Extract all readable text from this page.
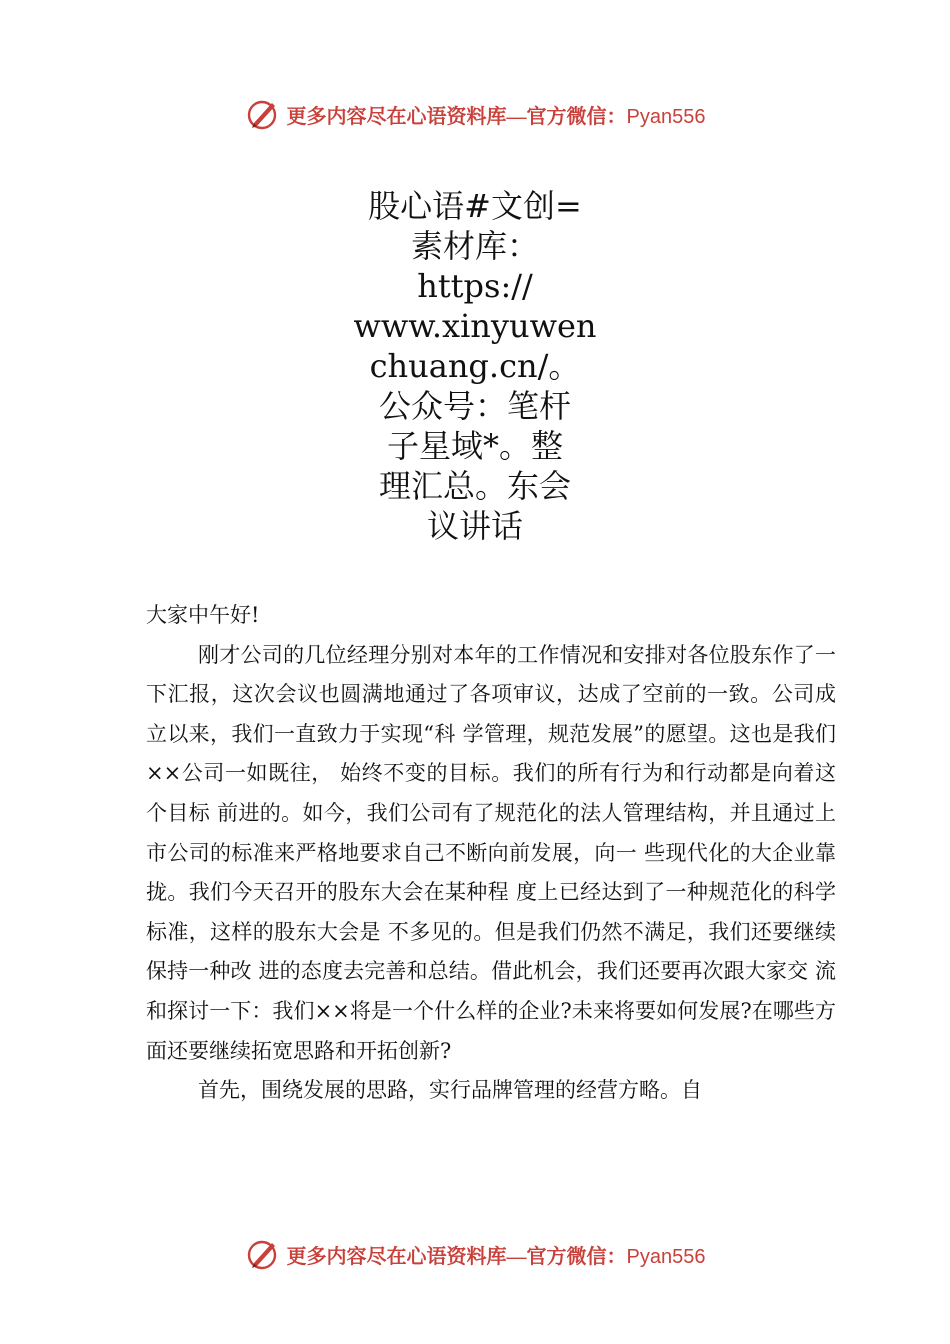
更多内容尽在心语资料库—官方微信：Pyan556
股心语#文创=
素材库：
https://
www.xinyuwen
chuang.cn/。
公众号：笔杆
子星域*。整
理汇总。东会
议讲话

大家中午好!

刚才公司的几位经理分别对本年的工作情况和安排对各位股东作了一下汇报，这次会议也圆满地通过了各项审议，达成了空前的一致。公司成立以来，我们一直致力于实现“科 学管理，规范发展”的愿望。这也是我们××公司一如既往， 始终不变的目标。我们的所有行为和行动都是向着这个目标 前进的。如今，我们公司有了规范化的法人管理结构，并且通过上市公司的标准来严格地要求自己不断向前发展，向一 些现代化的大企业靠拢。我们今天召开的股东大会在某种程 度上已经达到了一种规范化的科学标准，这样的股东大会是 不多见的。但是我们仍然不满足，我们还要继续保持一种改 进的态度去完善和总结。借此机会，我们还要再次跟大家交 流和探讨一下：我们××将是一个什么样的企业?未来将要如何发展?在哪些方面还要继续拓宽思路和开拓创新?

首先，围绕发展的思路，实行品牌管理的经营方略。自

更多内容尽在心语资料库—官方微信：Pyan556
